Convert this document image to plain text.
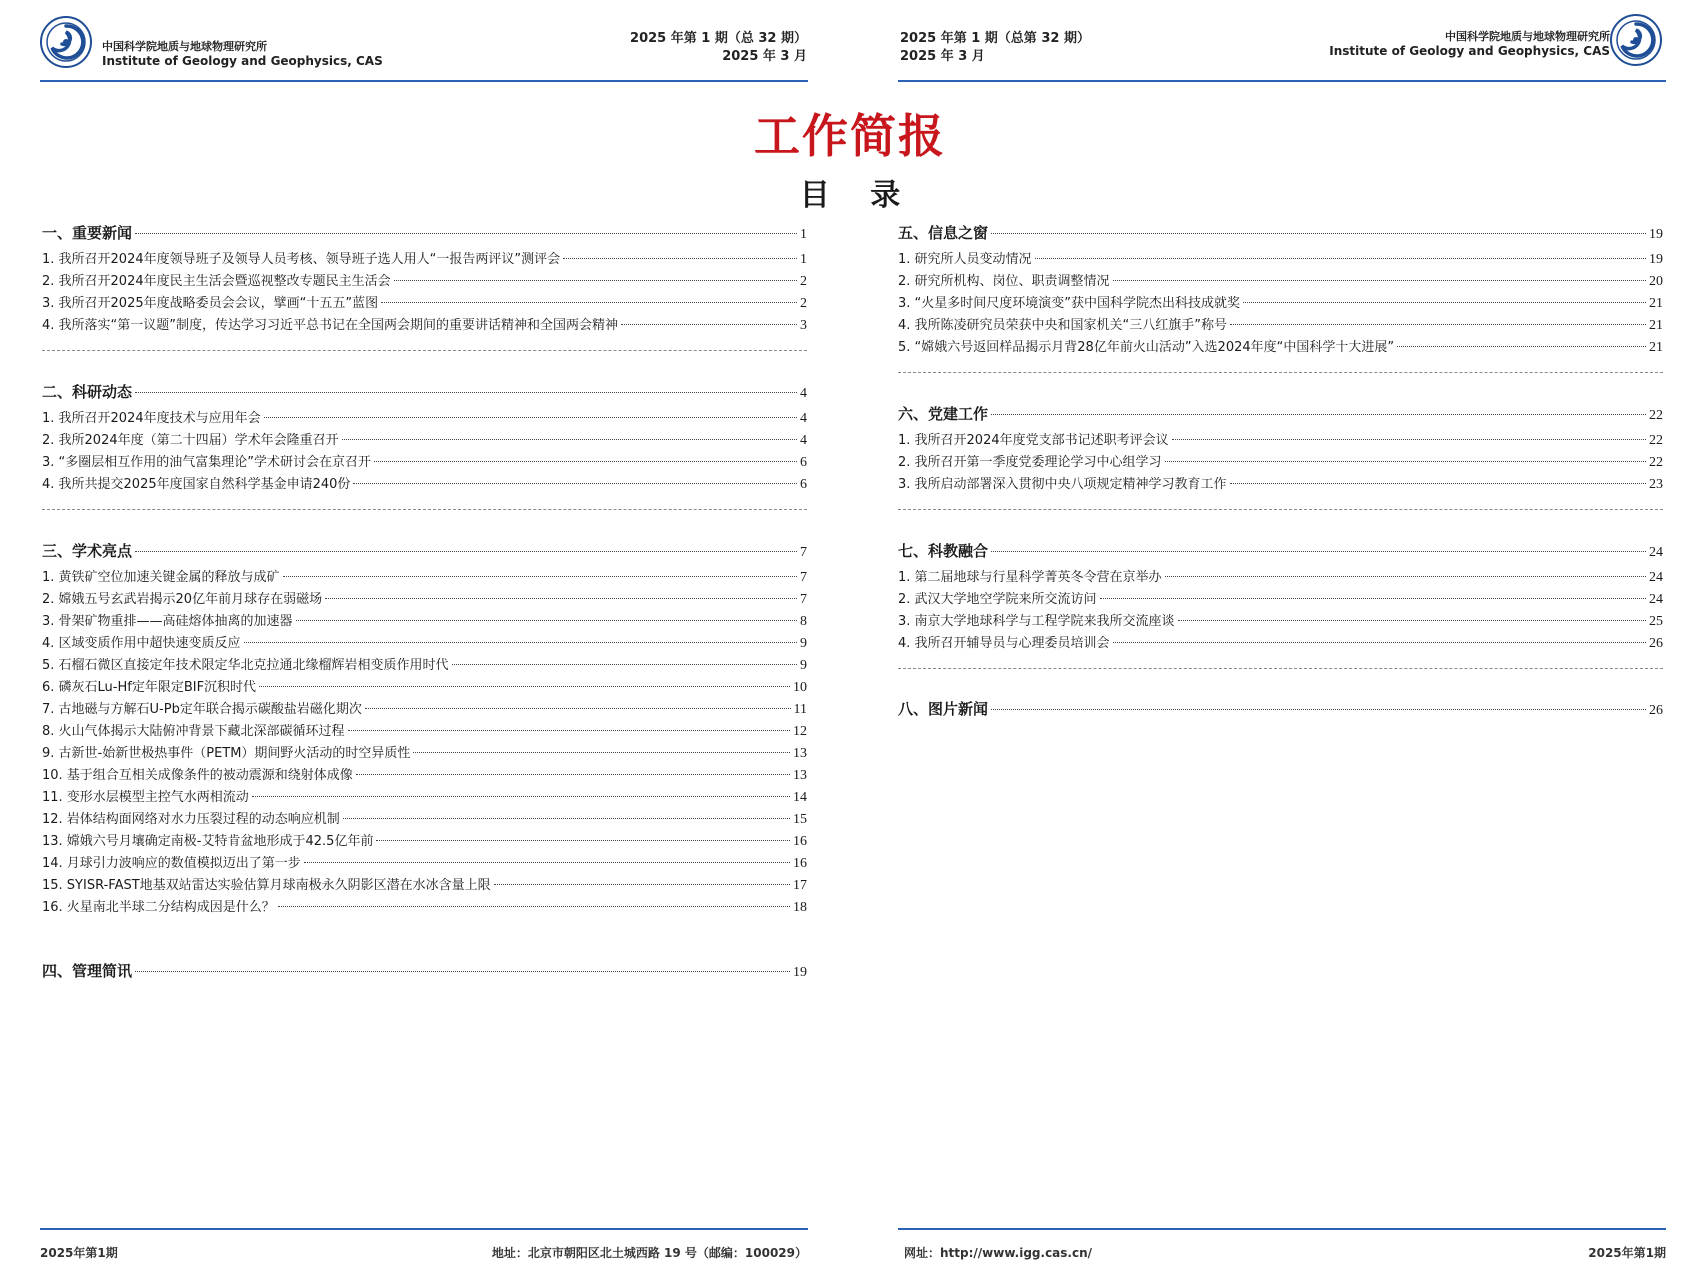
中国科学院地质与地球物理研究所
Institute of Geology and Geophysics, CAS
2025 年第 1 期（总 32 期）
2025 年 3 月
2025 年第 1 期（总第 32 期）
2025 年 3 月
中国科学院地质与地球物理研究所
Institute of Geology and Geophysics, CAS
工作简报
目 录
一、重要新闻	1
1. 我所召开2024年度领导班子及领导人员考核、领导班子选人用人“一报告两评议”测评会	1
2. 我所召开2024年度民主生活会暨巡视整改专题民主生活会	2
3. 我所召开2025年度战略委员会会议，擘画“十五五”蓝图	2
4. 我所落实“第一议题”制度，传达学习习近平总书记在全国两会期间的重要讲话精神和全国两会精神	3
二、科研动态	4
1. 我所召开2024年度技术与应用年会	4
2. 我所2024年度（第二十四届）学术年会隆重召开	4
3. “多圈层相互作用的油气富集理论”学术研讨会在京召开	6
4. 我所共提交2025年度国家自然科学基金申请240份	6
三、学术亮点	7
1. 黄铁矿空位加速关键金属的释放与成矿	7
2. 嫦娥五号玄武岩揭示20亿年前月球存在弱磁场	7
3. 骨架矿物重排——高硅熔体抽离的加速器	8
4. 区域变质作用中超快速变质反应	9
5. 石榴石微区直接定年技术限定华北克拉通北缘榴辉岩相变质作用时代	9
6. 磷灰石Lu-Hf定年限定BIF沉积时代	10
7. 古地磁与方解石U-Pb定年联合揭示碳酸盐岩磁化期次	11
8. 火山气体揭示大陆俯冲背景下藏北深部碳循环过程	12
9. 古新世-始新世极热事件（PETM）期间野火活动的时空异质性	13
10. 基于组合互相关成像条件的被动震源和绕射体成像	13
11. 变形水层模型主控气水两相流动	14
12. 岩体结构面网络对水力压裂过程的动态响应机制	15
13. 嫦娥六号月壤确定南极-艾特肯盆地形成于42.5亿年前	16
14. 月球引力波响应的数值模拟迈出了第一步	16
15. SYISR-FAST地基双站雷达实验估算月球南极永久阴影区潜在水冰含量上限	17
16. 火星南北半球二分结构成因是什么？	18
四、管理简讯	19
五、信息之窗	19
1. 研究所人员变动情况	19
2. 研究所机构、岗位、职责调整情况	20
3. “火星多时间尺度环境演变”获中国科学院杰出科技成就奖	21
4. 我所陈凌研究员荣获中央和国家机关“三八红旗手”称号	21
5. “嫦娥六号返回样品揭示月背28亿年前火山活动”入选2024年度“中国科学十大进展”	21
六、党建工作	22
1. 我所召开2024年度党支部书记述职考评会议	22
2. 我所召开第一季度党委理论学习中心组学习	22
3. 我所启动部署深入贯彻中央八项规定精神学习教育工作	23
七、科教融合	24
1. 第二届地球与行星科学菁英冬令营在京举办	24
2. 武汉大学地空学院来所交流访问	24
3. 南京大学地球科学与工程学院来我所交流座谈	25
4. 我所召开辅导员与心理委员培训会	26
八、图片新闻	26
2025年第1期	地址：北京市朝阳区北土城西路 19 号（邮编：100029）	网址：http://www.igg.cas.cn/	2025年第1期
